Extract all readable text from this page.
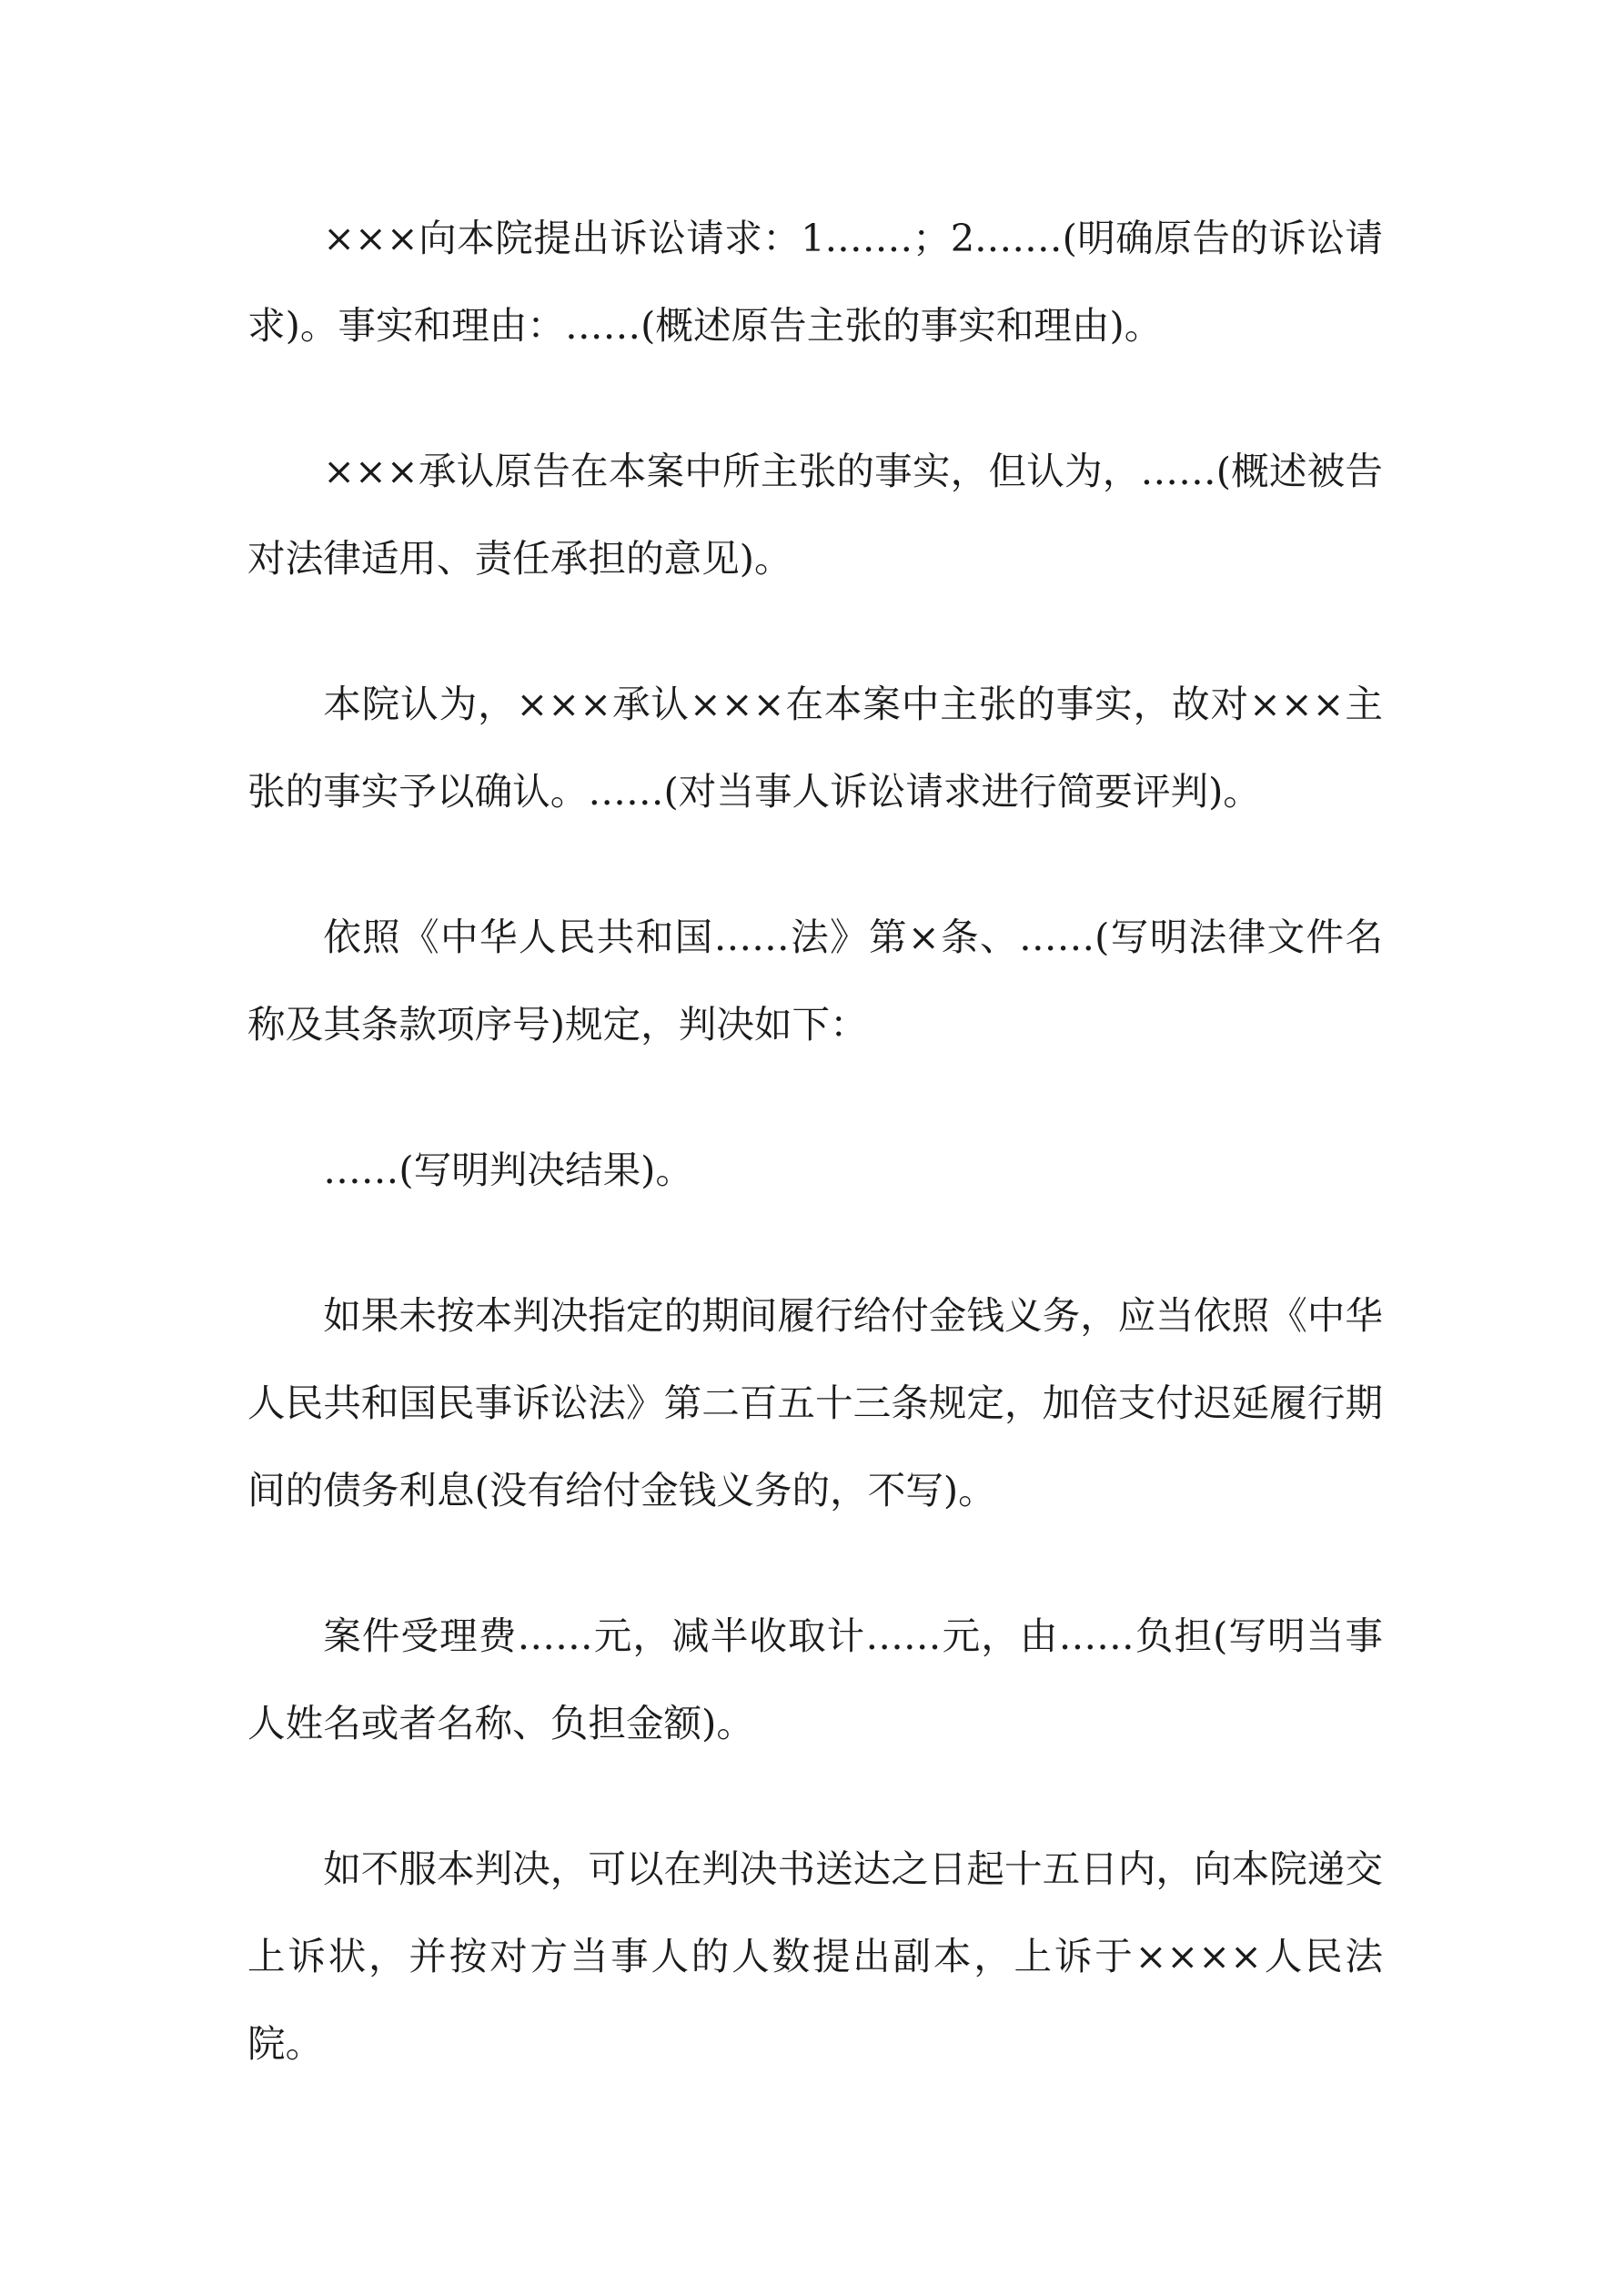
×××向本院提出诉讼请求：1.……；2.……(明确原告的诉讼请求)。事实和理由：……(概述原告主张的事实和理由)。

×××承认原告在本案中所主张的事实，但认为，……(概述被告对法律适用、责任承担的意见)。

本院认为，×××承认×××在本案中主张的事实，故对×××主张的事实予以确认。……(对当事人诉讼请求进行简要评判)。

依照《中华人民共和国……法》第×条、……(写明法律文件名称及其条款项序号)规定，判决如下：

……(写明判决结果)。

如果未按本判决指定的期间履行给付金钱义务，应当依照《中华人民共和国民事诉讼法》第二百五十三条规定，加倍支付迟延履行期间的债务利息(没有给付金钱义务的，不写)。

案件受理费……元，减半收取计……元，由……负担(写明当事人姓名或者名称、负担金额)。

如不服本判决，可以在判决书送达之日起十五日内，向本院递交上诉状，并按对方当事人的人数提出副本，上诉于××××人民法院。
